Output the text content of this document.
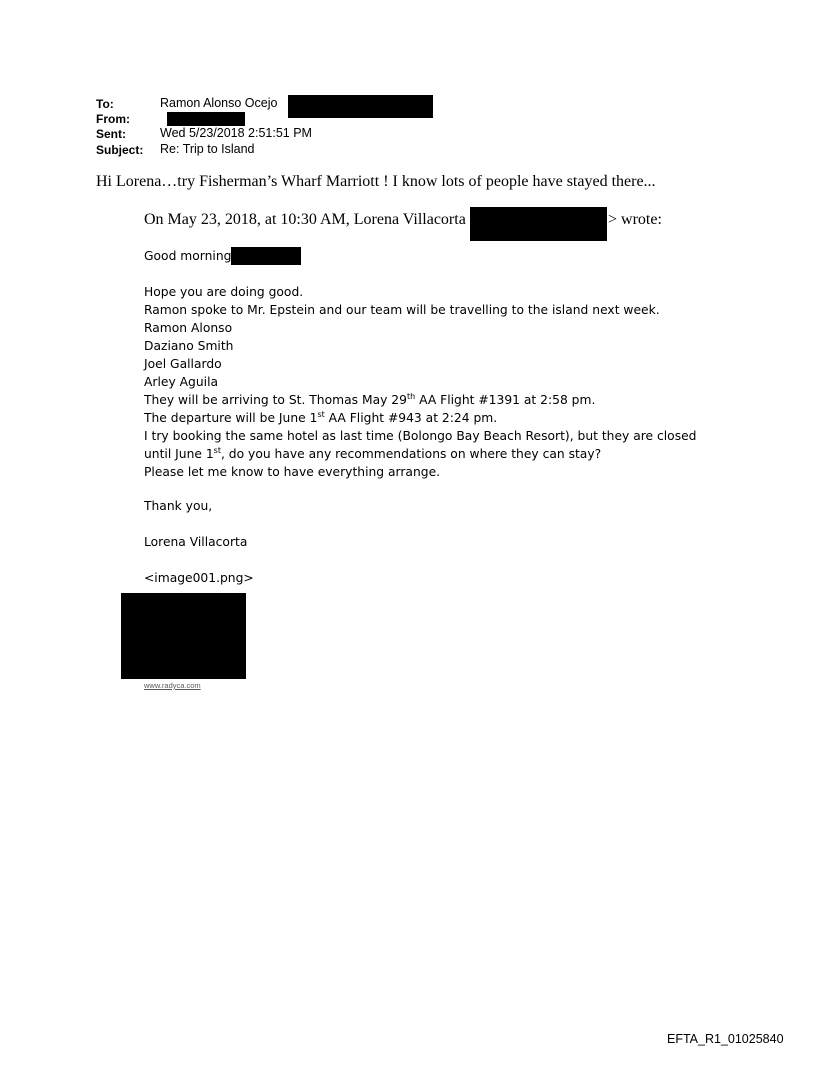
To:	Ramon Alonso Ocejo
From:
Sent:	Wed 5/23/2018 2:51:51 PM
Subject: Re: Trip to Island
Hi Lorena…try Fisherman’s Wharf Marriott ! I know lots of people have stayed there...
On May 23, 2018, at 10:30 AM, Lorena Villacorta	> wrote:
Good morning
Hope you are doing good.
Ramon spoke to Mr. Epstein and our team will be travelling to the island next week.
Ramon Alonso
Daziano Smith
Joel Gallardo
Arley Aguila
They will be arriving to St. Thomas May 29th AA Flight #1391 at 2:58 pm.
The departure will be June 1st AA Flight #943 at 2:24 pm.
I try booking the same hotel as last time (Bolongo Bay Beach Resort), but they are closed
until June 1st, do you have any recommendations on where they can stay?
Please let me know to have everything arrange.
Thank you,
Lorena Villacorta
<image001.png>
www.radyca.com
EFTA_R1_01025840
